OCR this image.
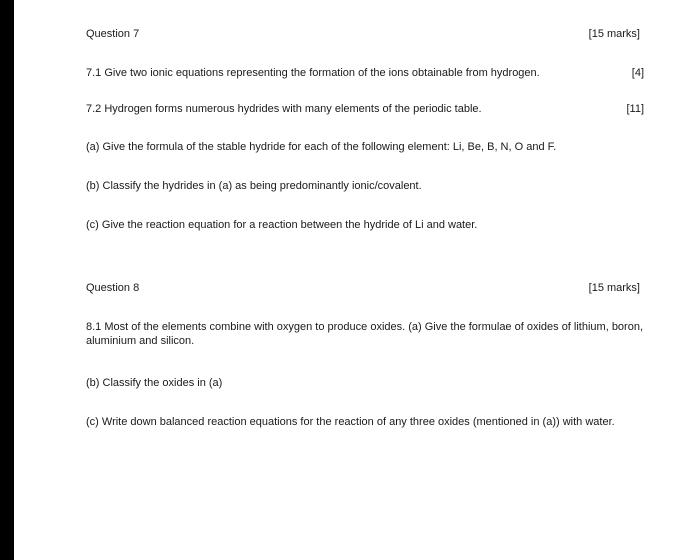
Question 7	[15 marks]
7.1 Give two ionic equations representing the formation of the ions obtainable from hydrogen.	[4]
7.2 Hydrogen forms numerous hydrides with many elements of the periodic table.	[11]
(a) Give the formula of the stable hydride for each of the following element: Li, Be, B, N, O and F.
(b) Classify the hydrides in (a) as being predominantly ionic/covalent.
(c) Give the reaction equation for a reaction between the hydride of Li and water.
Question 8	[15 marks]
8.1 Most of the elements combine with oxygen to produce oxides. (a) Give the formulae of oxides of lithium, boron, aluminium and silicon.
(b) Classify the oxides in (a)
(c) Write down balanced reaction equations for the reaction of any three oxides (mentioned in (a)) with water.
